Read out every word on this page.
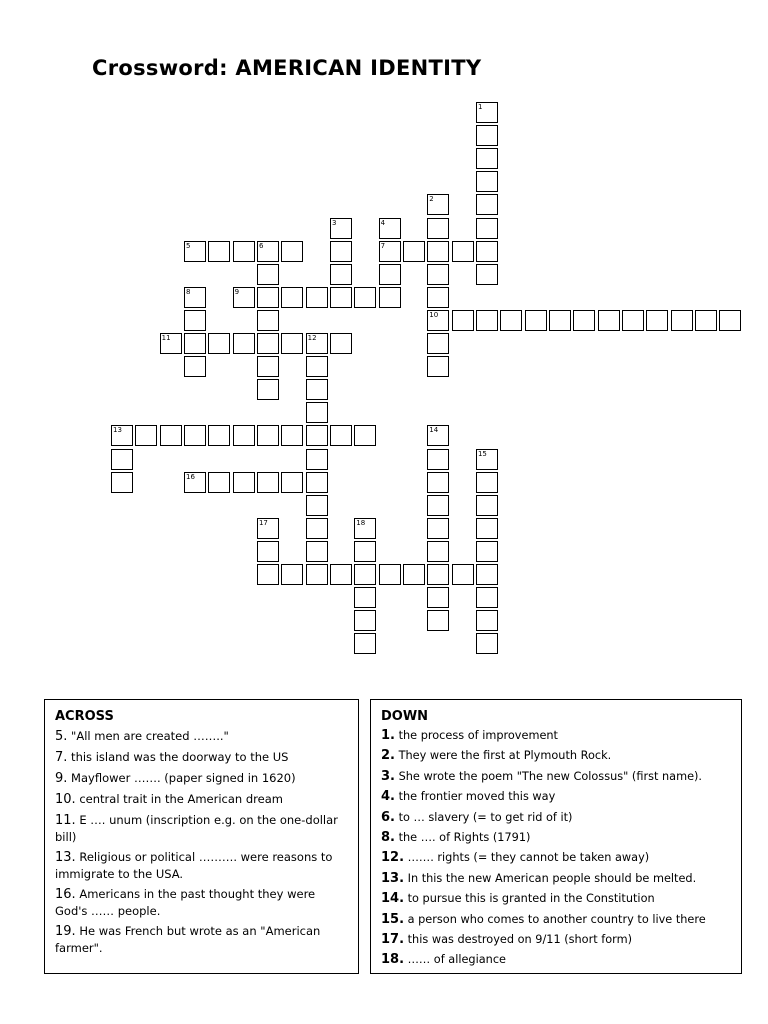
Crossword: AMERICAN IDENTITY
1
2
3	4
5	6	7
8	9
10
11	12
13	14
15
16
17	18
ACROSS
5. "All men are created …….."
7. this island was the doorway to the US
9. Mayflower ……. (paper signed in 1620)
10. central trait in the American dream
11. E …. unum (inscription e.g. on the one-dollar bill)
13. Religious or political ………. were reasons to immigrate to the USA.
16. Americans in the past thought they were God's …… people.
19. He was French but wrote as an "American farmer".
DOWN
1. the process of improvement
2. They were the first at Plymouth Rock.
3. She wrote the poem "The new Colossus" (first name).
4. the frontier moved this way
6. to … slavery (= to get rid of it)
8. the …. of Rights (1791)
12. ……. rights (= they cannot be taken away)
13. In this the new American people should be melted.
14. to pursue this is granted in the Constitution
15. a person who comes to another country to live there
17. this was destroyed on 9/11 (short form)
18. …… of allegiance
